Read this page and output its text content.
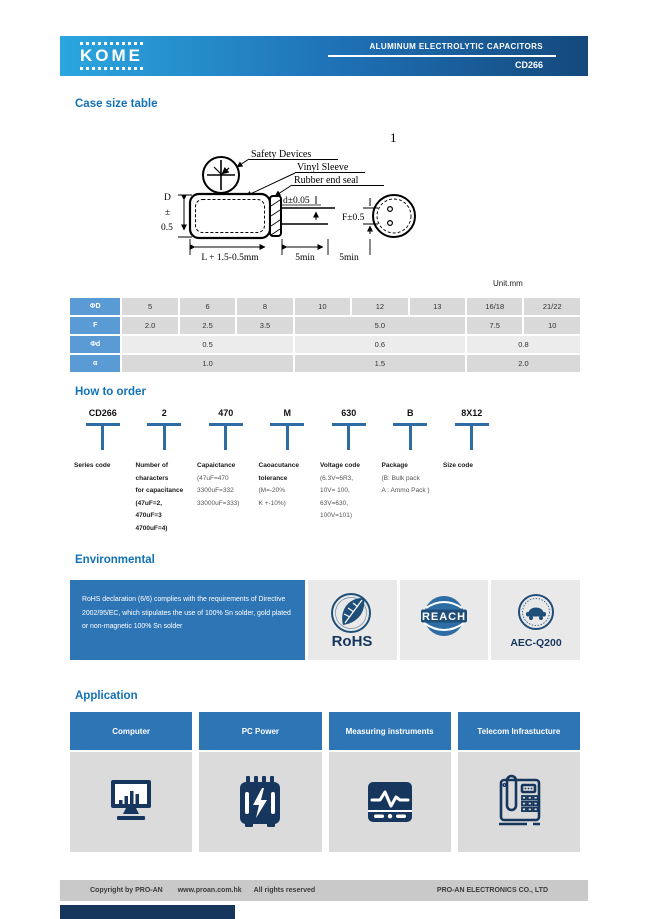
KOME	ALUMINUM ELECTROLYTIC CAPACITORS
CD266
Case size table
1
Safety Devices
Vinyl Sleeve
Rubber end seal
d±0.05
F±0.5
D
±
0.5
L + 1.5-0.5mm	5min	5min
Unit.mm
ΦD	5	6	8	10	12	13	16/18	21/22
F	2.0	2.5	3.5	5.0			7.5	10
Φd	0.5			0.6			0.8	
α	1.0			1.5			2.0	
How to order
CD266
Series code
2
Number of
characters
for capacitance
(47uF=2,
470uF=3
4700uF=4)
470
Capaictance
(47uF=470
3300uF=332
33000uF=333)
M
Caoacutance
tolerance
(M=-20%
K +-10%)
630
Voltage code
(6.3V=6R3,
10V= 100,
63V=630,
100V=101)
B
Package
(B: Bulk pack
A : Ammo Pack )
8X12
Size code
Environmental
RoHS declaration (6/6) complies with the requirements of Directive 2002/95/EC, which stipulates the use of 100% Sn solder, gold plated or non-magnetic 100% Sn solder
RoHS
REACH
AEC-Q200
Application
Computer	PC Power	Measuring instruments	Telecom Infrastucture
Copyright by PRO-AN www.proan.com.hk All rights reserved	PRO-AN ELECTRONICS CO., LTD
